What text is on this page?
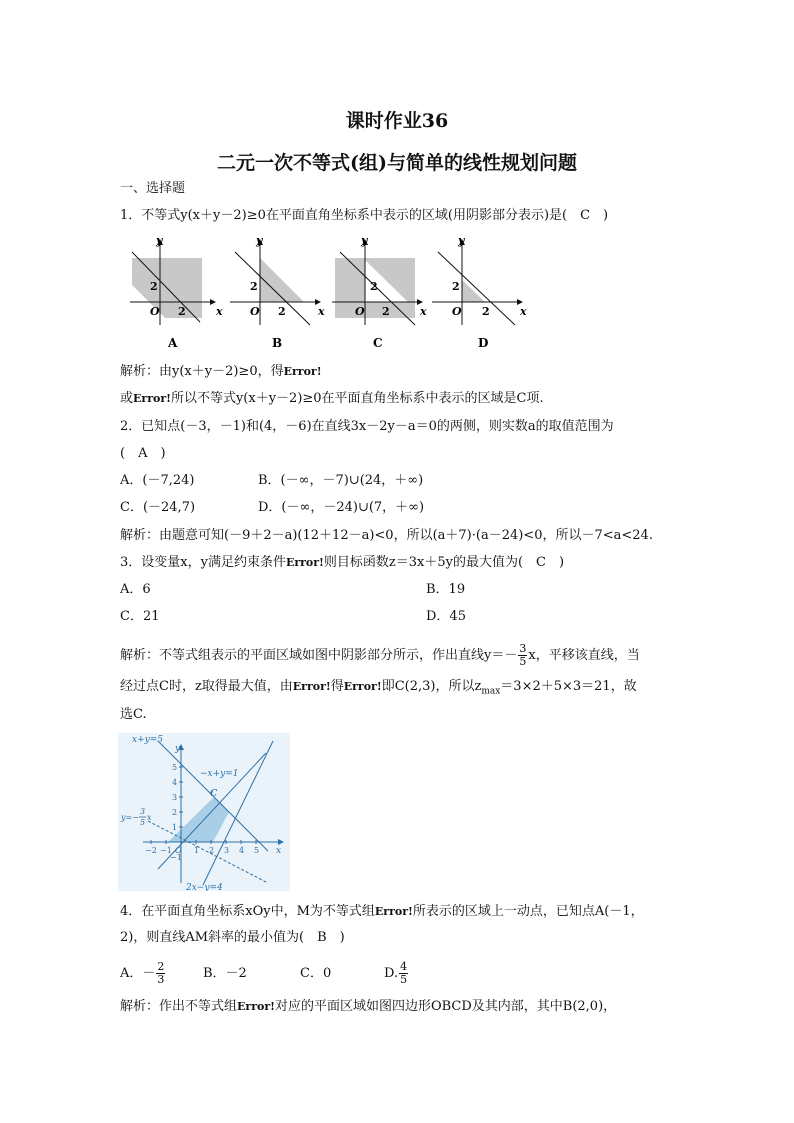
课时作业36
二元一次不等式(组)与简单的线性规划问题
一、选择题
1．不等式y(x＋y－2)≥0在平面直角坐标系中表示的区域(用阴影部分表示)是(　C　)
y
2
O 2	x
y
2
O 2	x
y
2
O 2	x
y
2
O 2	x
A	B	C	D
解析：由y(x＋y－2)≥0，得Error!
或Error!所以不等式y(x＋y－2)≥0在平面直角坐标系中表示的区域是C项.
2．已知点(－3，－1)和(4，－6)在直线3x－2y－a＝0的两侧，则实数a的取值范围为
(　A　)
A．(－7,24)	B．(－∞，－7)∪(24，＋∞)
C．(－24,7)	D．(－∞，－24)∪(7，＋∞)
解析：由题意可知(－9＋2－a)(12＋12－a)<0，所以(a＋7)·(a－24)<0，所以－7<a<24.
3．设变量x，y满足约束条件Error!则目标函数z＝3x＋5y的最大值为(　C　)
A．6	B．19
C．21	D．45
解析：不等式组表示的平面区域如图中阴影部分所示，作出直线$y=- \frac{3}{5}$ x，平移该直线，当
经过点C时，z取得最大值，由Error!得Error!即C(2,3)，所以$z_{max}=3\times 2+5\times 3=21$，故
选C.
x+y=5
−x+y=1
C
y
x
2x−y=4
y=−
3
5
x
5
4
3
2
1
−2 −1 O 1 2 3 4 5
−1
4．在平面直角坐标系xOy中，M为不等式组Error!所表示的区域上一动点，已知点A(－1，
2)，则直线AM斜率的最小值为(　B　)
A．－ $\frac{2}{3}$	B．－2	C．0	D. $\frac{4}{5}$
解析：作出不等式组Error!对应的平面区域如图四边形OBCD及其内部，其中B(2,0)，
